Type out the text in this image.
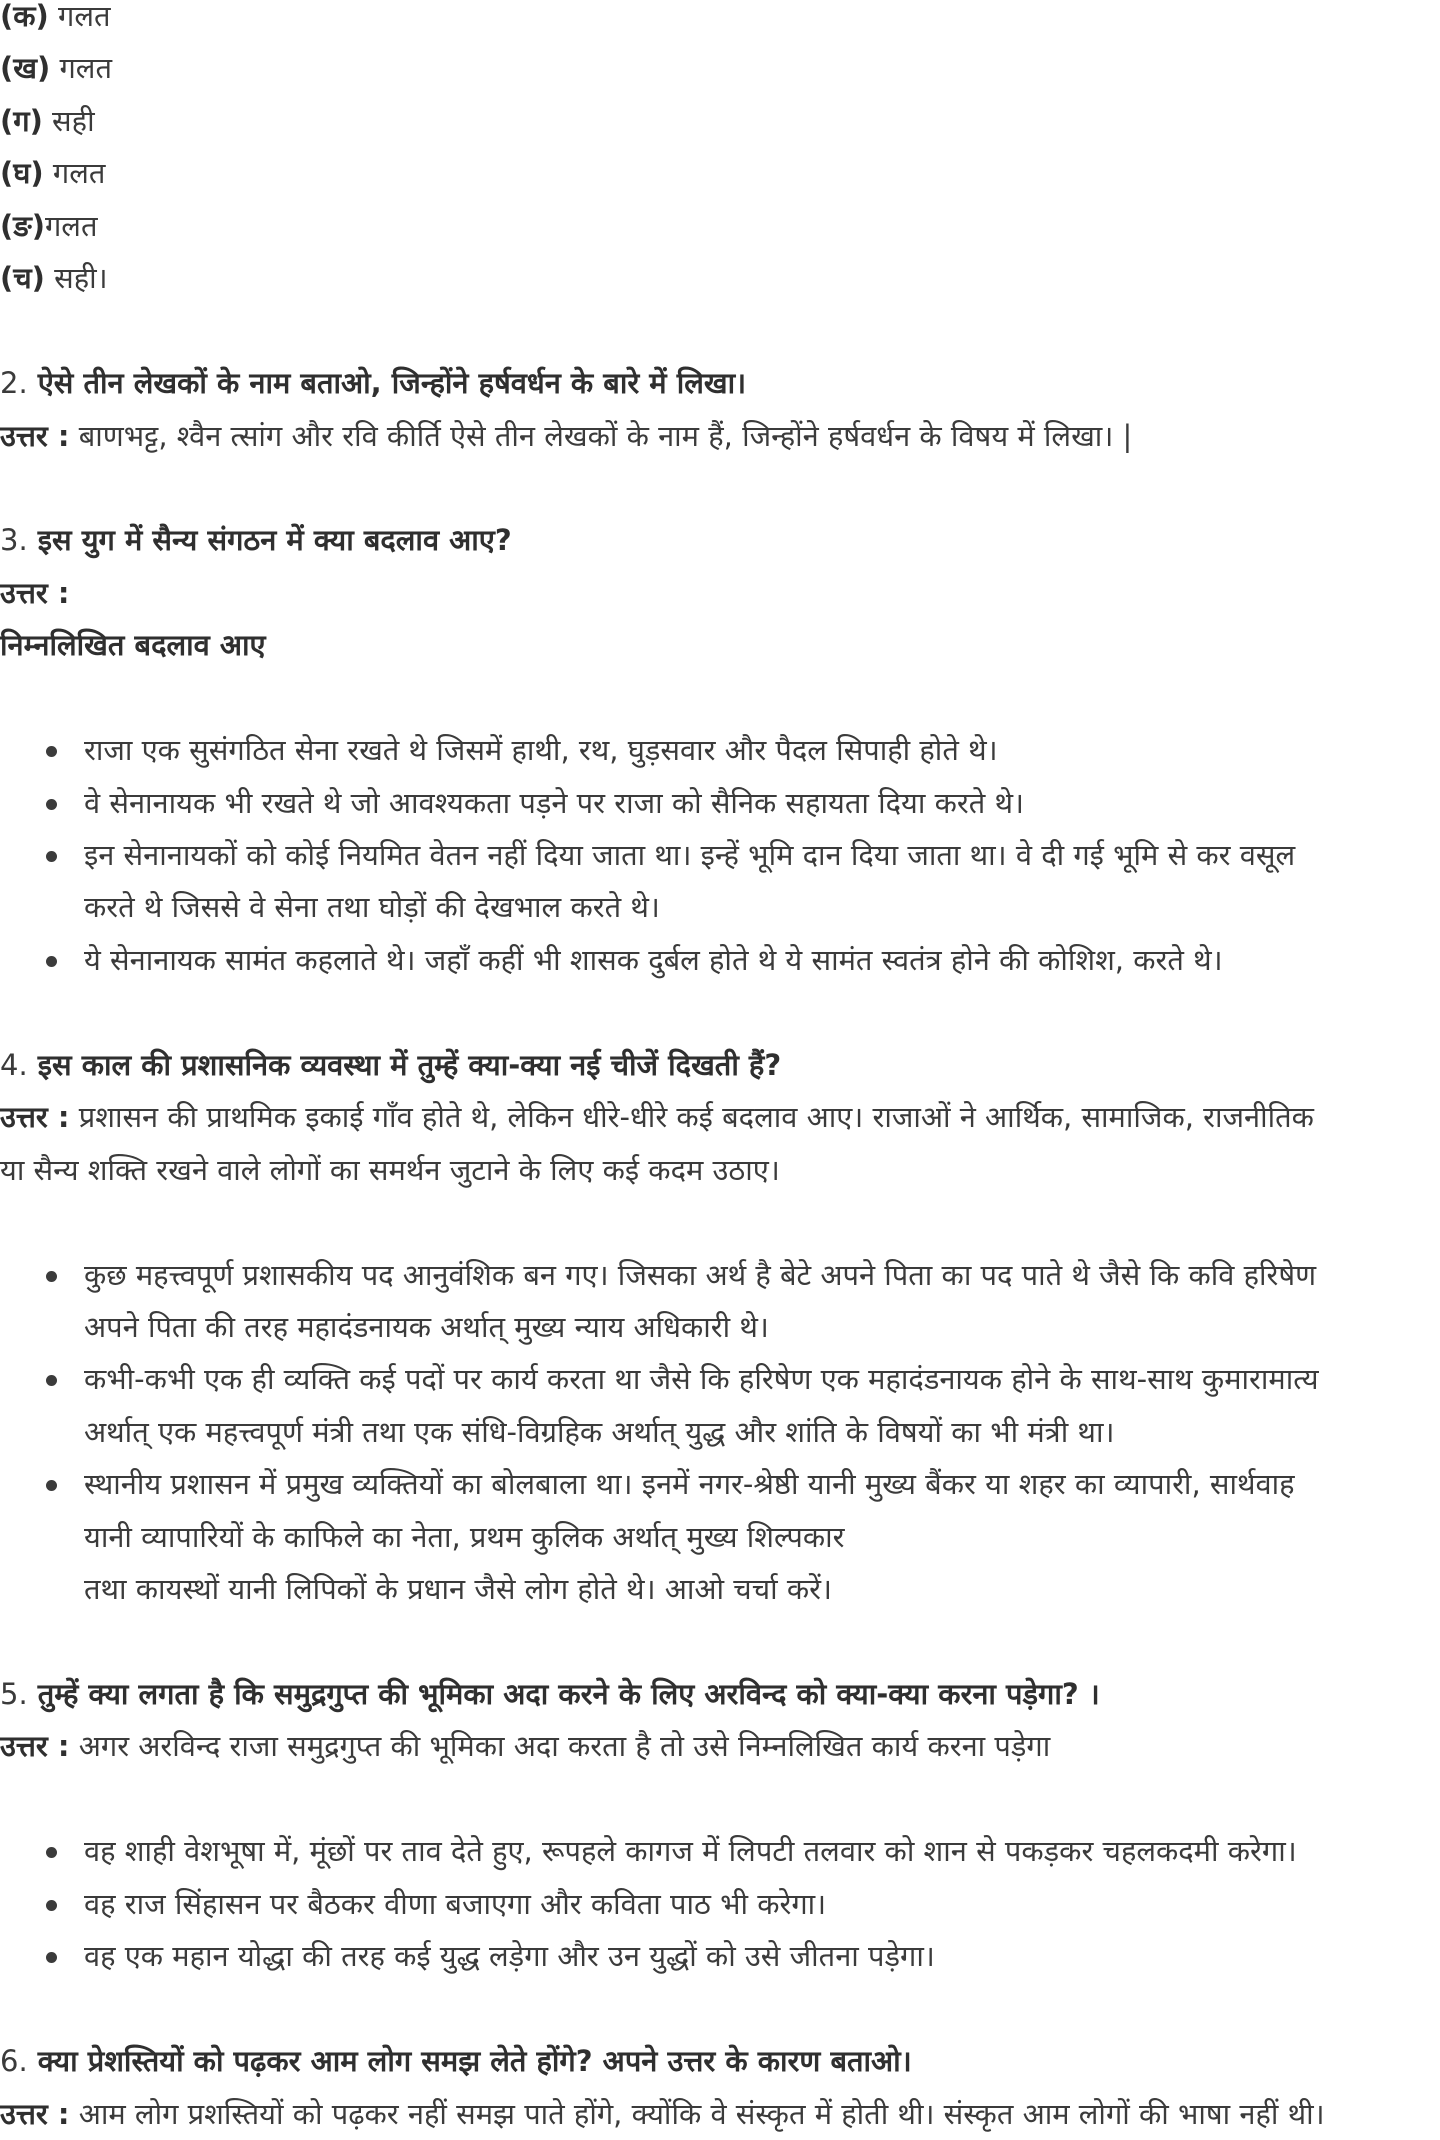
(क) गलत
(ख) गलत
(ग) सही
(घ) गलत
(ङ)गलत
(च) सही।
2. ऐसे तीन लेखकों के नाम बताओ, जिन्होंने हर्षवर्धन के बारे में लिखा।
उत्तर : बाणभट्ट, श्वैन त्सांग और रवि कीर्ति ऐसे तीन लेखकों के नाम हैं, जिन्होंने हर्षवर्धन के विषय में लिखा। |
3. इस युग में सैन्य संगठन में क्या बदलाव आए?
उत्तर :
निम्नलिखित बदलाव आए
राजा एक सुसंगठित सेना रखते थे जिसमें हाथी, रथ, घुड़सवार और पैदल सिपाही होते थे।
वे सेनानायक भी रखते थे जो आवश्यकता पड़ने पर राजा को सैनिक सहायता दिया करते थे।
इन सेनानायकों को कोई नियमित वेतन नहीं दिया जाता था। इन्हें भूमि दान दिया जाता था। वे दी गई भूमि से कर वसूल
करते थे जिससे वे सेना तथा घोड़ों की देखभाल करते थे।
ये सेनानायक सामंत कहलाते थे। जहाँ कहीं भी शासक दुर्बल होते थे ये सामंत स्वतंत्र होने की कोशिश, करते थे।
4. इस काल की प्रशासनिक व्यवस्था में तुम्हें क्या-क्या नई चीजें दिखती हैं?
उत्तर : प्रशासन की प्राथमिक इकाई गाँव होते थे, लेकिन धीरे-धीरे कई बदलाव आए। राजाओं ने आर्थिक, सामाजिक, राजनीतिक
या सैन्य शक्ति रखने वाले लोगों का समर्थन जुटाने के लिए कई कदम उठाए।
कुछ महत्त्वपूर्ण प्रशासकीय पद आनुवंशिक बन गए। जिसका अर्थ है बेटे अपने पिता का पद पाते थे जैसे कि कवि हरिषेण
अपने पिता की तरह महादंडनायक अर्थात् मुख्य न्याय अधिकारी थे।
कभी-कभी एक ही व्यक्ति कई पदों पर कार्य करता था जैसे कि हरिषेण एक महादंडनायक होने के साथ-साथ कुमारामात्य
अर्थात् एक महत्त्वपूर्ण मंत्री तथा एक संधि-विग्रहिक अर्थात् युद्ध और शांति के विषयों का भी मंत्री था।
स्थानीय प्रशासन में प्रमुख व्यक्तियों का बोलबाला था। इनमें नगर-श्रेष्ठी यानी मुख्य बैंकर या शहर का व्यापारी, सार्थवाह
यानी व्यापारियों के काफिले का नेता, प्रथम कुलिक अर्थात् मुख्य शिल्पकार
तथा कायस्थों यानी लिपिकों के प्रधान जैसे लोग होते थे। आओ चर्चा करें।
5. तुम्हें क्या लगता है कि समुद्रगुप्त की भूमिका अदा करने के लिए अरविन्द को क्या-क्या करना पड़ेगा? ।
उत्तर : अगर अरविन्द राजा समुद्रगुप्त की भूमिका अदा करता है तो उसे निम्नलिखित कार्य करना पड़ेगा
वह शाही वेशभूषा में, मूंछों पर ताव देते हुए, रूपहले कागज में लिपटी तलवार को शान से पकड़कर चहलकदमी करेगा।
वह राज सिंहासन पर बैठकर वीणा बजाएगा और कविता पाठ भी करेगा।
वह एक महान योद्धा की तरह कई युद्ध लड़ेगा और उन युद्धों को उसे जीतना पड़ेगा।
6. क्या प्रेशस्तियों को पढ़कर आम लोग समझ लेते होंगे? अपने उत्तर के कारण बताओ।
उत्तर : आम लोग प्रशस्तियों को पढ़कर नहीं समझ पाते होंगे, क्योंकि वे संस्कृत में होती थी। संस्कृत आम लोगों की भाषा नहीं थी।
